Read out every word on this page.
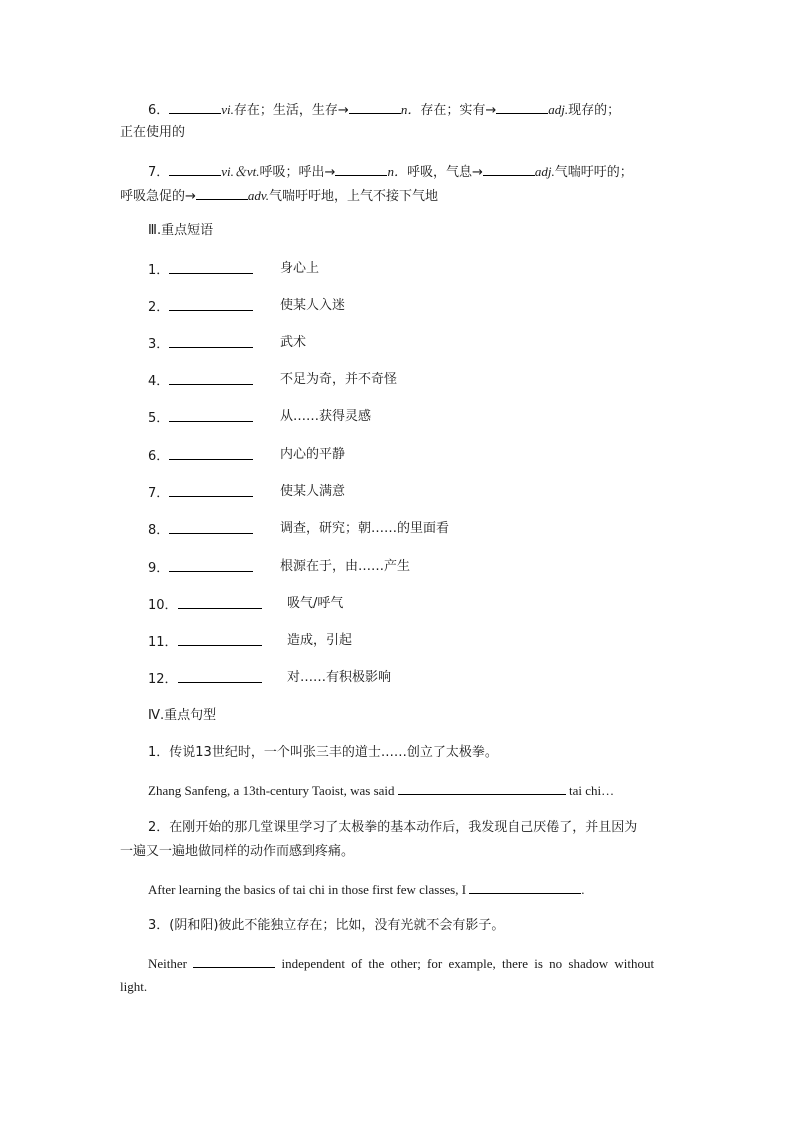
6．	vi.存在；生活，生存→	n．存在；实有→	adj.现存的；
正在使用的
7．	vi.＆vt.呼吸；呼出→	n．呼吸，气息→	adj.气喘吁吁的；
呼吸急促的→	adv.气喘吁吁地，上气不接下气地
Ⅲ.重点短语
1．	身心上
2．	使某人入迷
3．	武术
4．	不足为奇，并不奇怪
5．	从……获得灵感
6．	内心的平静
7．	使某人满意
8．	调查，研究；朝……的里面看
9．	根源在于，由……产生
10．	吸气/呼气
11．	造成，引起
12．	对……有积极影响
Ⅳ.重点句型
1．传说13世纪时，一个叫张三丰的道士……创立了太极拳。
Zhang Sanfeng, a 13th-century Taoist, was said	tai chi…
2．在刚开始的那几堂课里学习了太极拳的基本动作后，我发现自己厌倦了，并且因为
一遍又一遍地做同样的动作而感到疼痛。
After learning the basics of tai chi in those first few classes, I	.
3．(阴和阳)彼此不能独立存在；比如，没有光就不会有影子。
Neither	independent of the other; for example, there is no shadow without
light.
